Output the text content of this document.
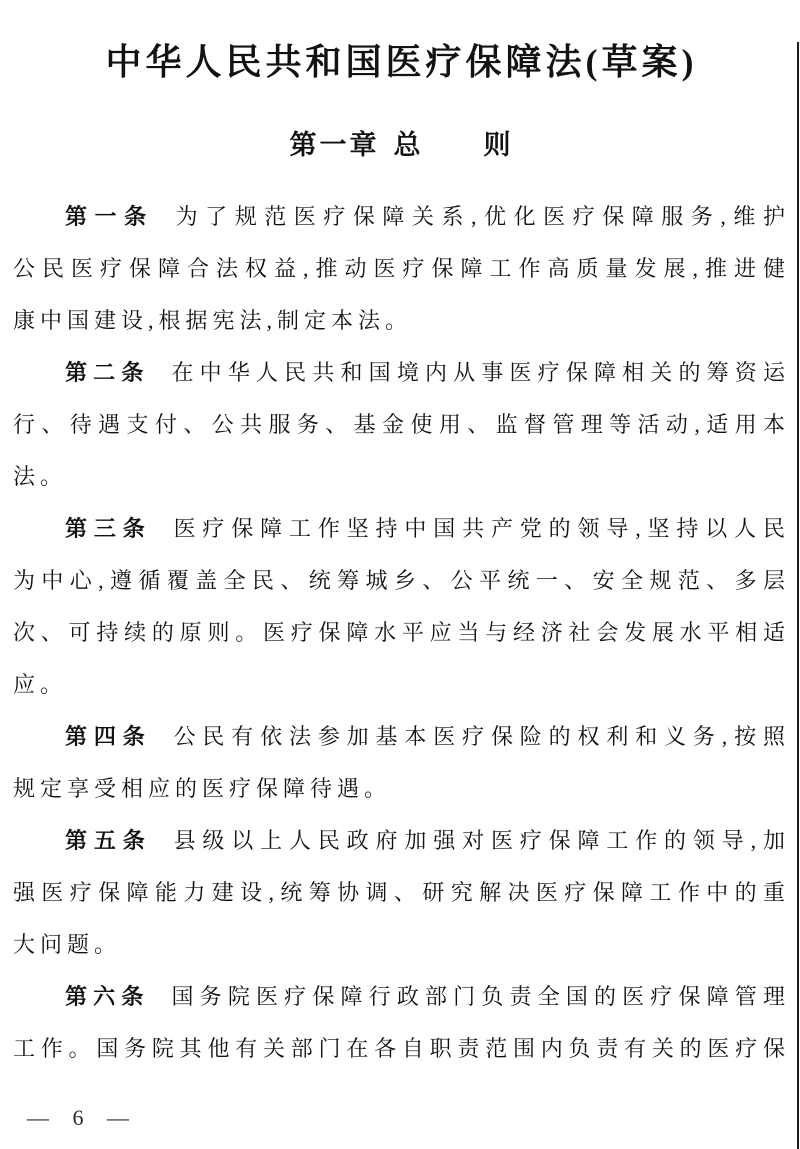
中华人民共和国医疗保障法(草案)
第一章 总　　则
第一条 为了规范医疗保障关系,优化医疗保障服务,维护
公民医疗保障合法权益,推动医疗保障工作高质量发展,推进健
康中国建设,根据宪法,制定本法。
第二条 在中华人民共和国境内从事医疗保障相关的筹资运
行、待遇支付、公共服务、基金使用、监督管理等活动,适用本
法。
第三条 医疗保障工作坚持中国共产党的领导,坚持以人民
为中心,遵循覆盖全民、统筹城乡、公平统一、安全规范、多层
次、可持续的原则。医疗保障水平应当与经济社会发展水平相适
应。
第四条 公民有依法参加基本医疗保险的权利和义务,按照
规定享受相应的医疗保障待遇。
第五条 县级以上人民政府加强对医疗保障工作的领导,加
强医疗保障能力建设,统筹协调、研究解决医疗保障工作中的重
大问题。
第六条 国务院医疗保障行政部门负责全国的医疗保障管理
工作。国务院其他有关部门在各自职责范围内负责有关的医疗保
— 6 —
